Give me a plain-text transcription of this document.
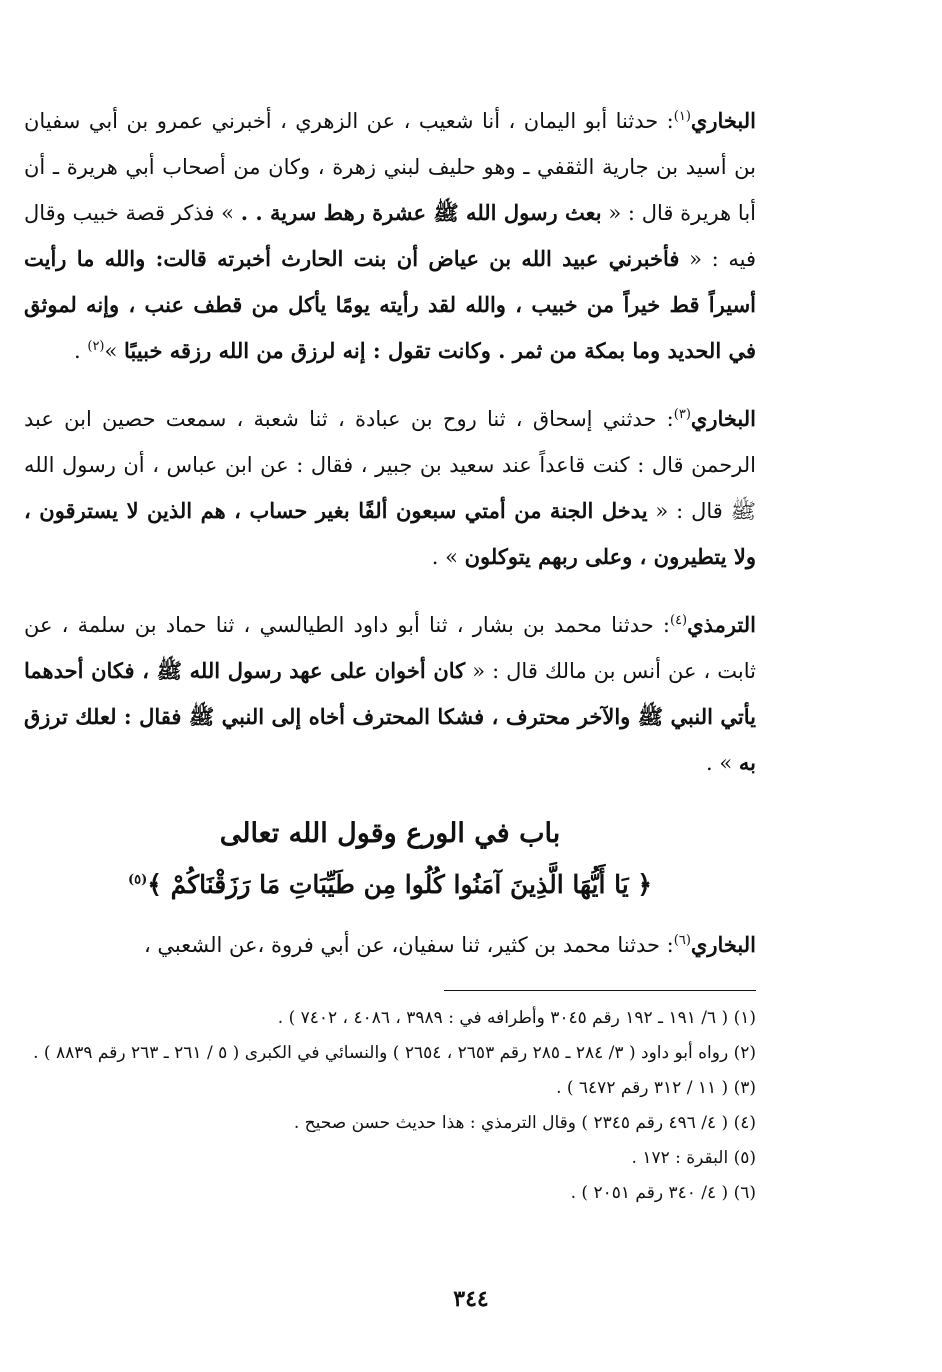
البخاري$^{(١)}$: حدثنا أبو اليمان ، أنا شعيب ، عن الزهري ، أخبرني عمرو بن أبي سفيان بن أسيد بن جارية الثقفي ـ وهو حليف لبني زهرة ، وكان من أصحاب أبي هريرة ـ أن أبا هريرة قال : « بعث رسول الله ﷺ عشرة رهط سرية . . » فذكر قصة خبيب وقال فيه : « فأخبرني عبيد الله بن عياض أن بنت الحارث أخبرته قالت: والله ما رأيت أسيراً قط خيراً من خبيب ، والله لقد رأيته يومًا يأكل من قطف عنب ، وإنه لموثق في الحديد وما بمكة من ثمر . وكانت تقول : إنه لرزق من الله رزقه خبيبًا »$^{(٢)}$ .

البخاري$^{(٣)}$: حدثني إسحاق ، ثنا روح بن عبادة ، ثنا شعبة ، سمعت حصين ابن عبد الرحمن قال : كنت قاعداً عند سعيد بن جبير ، فقال : عن ابن عباس ، أن رسول الله ﷺ قال : « يدخل الجنة من أمتي سبعون ألفًا بغير حساب ، هم الذين لا يسترقون ، ولا يتطيرون ، وعلى ربهم يتوكلون » .

الترمذي$^{(٤)}$: حدثنا محمد بن بشار ، ثنا أبو داود الطيالسي ، ثنا حماد بن سلمة ، عن ثابت ، عن أنس بن مالك قال : « كان أخوان على عهد رسول الله ﷺ ، فكان أحدهما يأتي النبي ﷺ والآخر محترف ، فشكا المحترف أخاه إلى النبي ﷺ فقال : لعلك ترزق به » .

باب في الورع وقول الله تعالى
﴿ يَا أَيُّهَا الَّذِينَ آمَنُوا كُلُوا مِن طَيِّبَاتِ مَا رَزَقْنَاكُمْ ﴾$^{(٥)}$

البخاري$^{(٦)}$: حدثنا محمد بن كثير، ثنا سفيان، عن أبي فروة ،عن الشعبي ،

(١) ( ٦/ ١٩١ ـ ١٩٢ رقم ٣٠٤٥ وأطرافه في : ٣٩٨٩ ، ٤٠٨٦ ، ٧٤٠٢ ) .
(٢) رواه أبو داود ( ٣/ ٢٨٤ ـ ٢٨٥ رقم ٢٦٥٣ ، ٢٦٥٤ ) والنسائي في الكبرى ( ٥ / ٢٦١ ـ ٢٦٣ رقم ٨٨٣٩ ) .
(٣) ( ١١ / ٣١٢ رقم ٦٤٧٢ ) .
(٤) ( ٤/ ٤٩٦ رقم ٢٣٤٥ ) وقال الترمذي : هذا حديث حسن صحيح .
(٥) البقرة : ١٧٢ .
(٦) ( ٤/ ٣٤٠ رقم ٢٠٥١ ) .
٣٤٤
